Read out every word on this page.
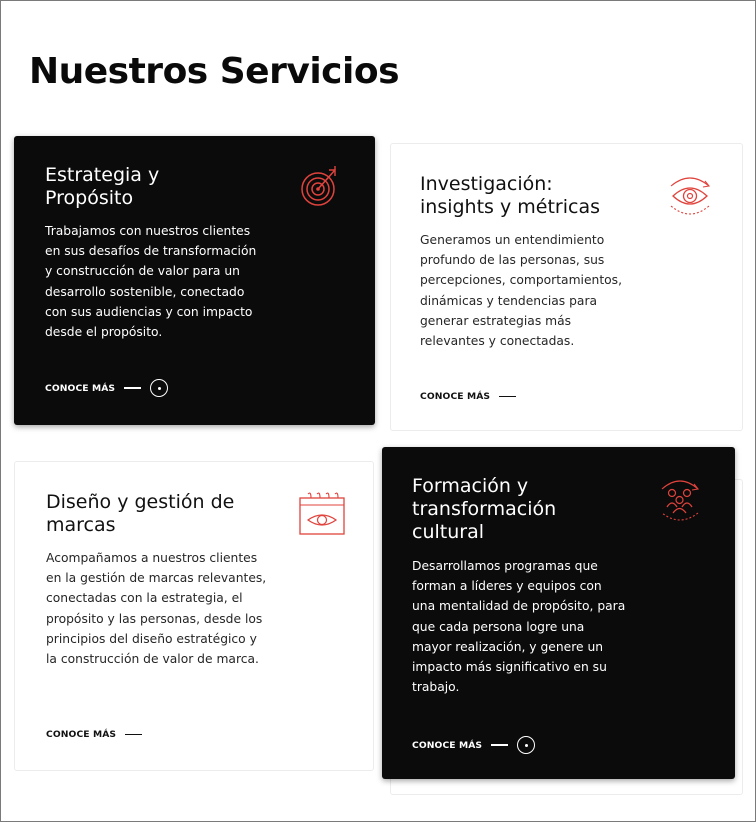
Nuestros Servicios
Estrategia y
Propósito

Trabajamos con nuestros clientes en sus desafíos de transformación y construcción de valor para un desarrollo sostenible, conectado con sus audiencias y con impacto desde el propósito.

CONOCE MÁS
Investigación:
insights y métricas

Generamos un entendimiento profundo de las personas, sus percepciones, comportamientos, dinámicas y tendencias para generar estrategias más relevantes y conectadas.

CONOCE MÁS
Diseño y gestión de
marcas

Acompañamos a nuestros clientes en la gestión de marcas relevantes, conectadas con la estrategia, el propósito y las personas, desde los principios del diseño estratégico y la construcción de valor de marca.

CONOCE MÁS
Formación y
transformación
cultural

Desarrollamos programas que forman a líderes y equipos con una mentalidad de propósito, para que cada persona logre una mayor realización, y genere un impacto más significativo en su trabajo.

CONOCE MÁS
